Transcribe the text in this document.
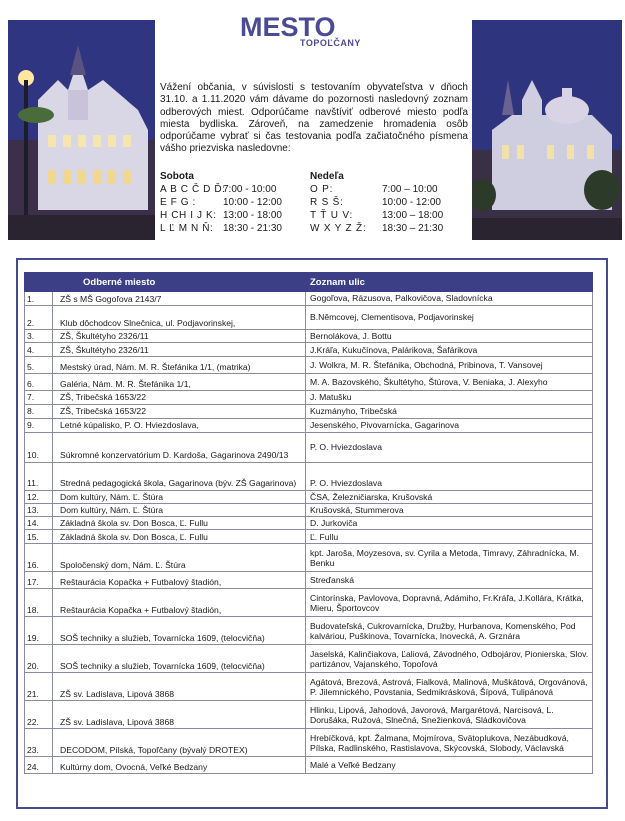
MESTO
TOPOĽČANY
Vážení občania, v súvislosti s testovaním obyvateľstva v dňoch 31.10. a 1.11.2020 vám dávame do pozornosti nasledovný zoznam odberových miest. Odporúčame navštíviť odberové miesto podľa miesta bydliska. Zároveň, na zamedzenie hromadenia osôb odporúčame vybrať si čas testovania podľa začiatočného písmena vášho priezviska nasledovne:
Sobota
A B C Č D Ď:
7:00 - 10:00
E F G :	10:00 - 12:00
H CH I J K: 13:00 - 18:00
L Ľ M N Ň: 18:30 - 21:30
Nedeľa
O P:	7:00 – 10:00
R S Š:	10:00 - 12:00
T Ť U V:	13:00 – 18:00
W X Y Z Ž:	18:30 – 21:30
	Odberné miesto	Zoznam ulic
1.	ZŠ s MŠ Gogoľova 2143/7	Gogoľova, Rázusova, Palkovičova, Sladovnícka
2.	Klub dôchodcov Slnečnica, ul. Podjavorinskej,	B.Němcovej, Clementisova, Podjavorinskej
3.	ZŠ, Škultétyho 2326/11	Bernolákova, J. Bottu
4.	ZŠ, Škultétyho 2326/11	J.Kráľa, Kukučínova, Palárikova, Šafárikova
5.	Mestský úrad, Nám. M. R. Štefánika 1/1, (matrika)	J. Wolkra, M. R. Štefánika, Obchodná, Pribinova, T. Vansovej
6.	Galéria, Nám. M. R. Štefánika 1/1,	M. A. Bazovského, Škultétyho, Štúrova, V. Beniaka, J. Alexyho
7.	ZŠ, Tribečská 1653/22	J. Matušku
8.	ZŠ, Tribečská 1653/22	Kuzmányho, Tribečská
9.	Letné kúpalisko, P. O. Hviezdoslava,	Jesenského, Pivovarnícka, Gagarinova
10.	Súkromné konzervatórium D. Kardoša, Gagarinova 2490/13	P. O. Hviezdoslava
11.	Stredná pedagogická škola, Gagarinova (býv. ZŠ Gagarinova)	P. O. Hviezdoslava
12.	Dom kultúry, Nám. Ľ. Štúra	ČSA, Železničiarska, Krušovská
13.	Dom kultúry, Nám. Ľ. Štúra	Krušovská, Stummerova
14.	Základná škola sv. Don Bosca, Ľ. Fullu	D. Jurkoviča
15.	Základná škola sv. Don Bosca, Ľ. Fullu	Ľ. Fullu
16.	Spoločenský dom, Nám. Ľ. Štúra	kpt. Jaroša, Moyzesova, sv. Cyrila a Metoda, Timravy, Záhradnícka, M. Benku
17.	Reštaurácia Kopačka + Futbalový štadión,	Streďanská
18.	Reštaurácia Kopačka + Futbalový štadión,	Cintorínska, Pavlovova, Dopravná, Adámiho, Fr.Kráľa, J.Kollára, Krátka, Mieru, Športovcov
19.	SOŠ techniky a služieb, Tovarnícka 1609, (telocvičňa)	Budovateľská, Cukrovarnícka, Družby, Hurbanova, Komenského, Pod kalváriou, Puškinova, Tovarnícka, Inovecká, A. Grznára
20.	SOŠ techniky a služieb, Tovarnícka 1609, (telocvičňa)	Jaselská, Kalinčiakova, Ľaliová, Závodného, Odbojárov, Pionierska, Slov. partizánov, Vajanského, Topoľová
21.	ZŠ sv. Ladislava, Lipová 3868	Agátová, Brezová, Astrová, Fialková, Malinová, Muškátová, Orgovánová, P. Jilemnického, Povstania, Sedmikrásková, Šípová, Tulipánová
22.	ZŠ sv. Ladislava, Lipová 3868	Hlinku, Lipová, Jahodová, Javorová, Margarétová, Narcisová, L. Dorušáka, Ružová, Slnečná, Snežienková, Sládkovičova
23.	DECODOM, Pílská, Topoľčany (bývalý DROTEX)	Hrebíčková, kpt. Žalmana, Mojmírova, Svätoplukova, Nezábudková, Pílska, Radlinského, Rastislavova, Skýcovská, Slobody, Václavská
24.	Kultúrny dom, Ovocná, Veľké Bedzany	Malé a Veľké Bedzany
